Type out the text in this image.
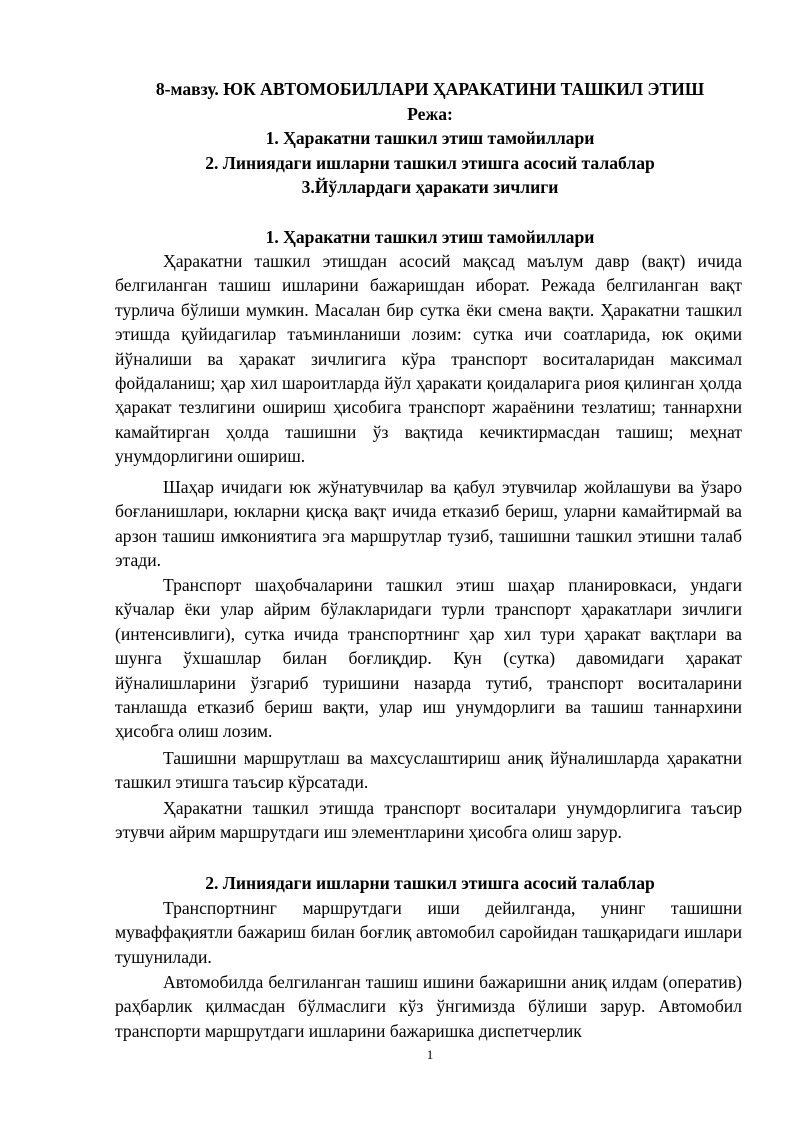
8-мавзу. ЮК АВТОМОБИЛЛАРИ ҲАРАКАТИНИ ТАШКИЛ ЭТИШ
Режа:
1. Ҳаракатни ташкил этиш тамойиллари
2. Линиядаги ишларни ташкил этишга асосий талаблар
3.Йўллардаги ҳаракати зичлиги
1. Ҳаракатни ташкил этиш тамойиллари

Ҳаракатни ташкил этишдан асосий мақсад маълум давр (вақт) ичида белгиланган ташиш ишларини бажаришдан иборат. Режада белгиланган вақт турлича бўлиши мумкин. Масалан бир сутка ёки смена вақти. Ҳаракатни ташкил этишда қуйидагилар таъминланиши лозим: сутка ичи соатларида, юк оқими йўналиши ва ҳаракат зичлигига кўра транспорт воситаларидан максимал фойдаланиш; ҳар хил шароитларда йўл ҳаракати қоидаларига риоя қилинган ҳолда ҳаракат тезлигини ошириш ҳисобига транспорт жараёнини тезлатиш; таннархни камайтирган ҳолда ташишни ўз вақтида кечиктирмасдан ташиш; меҳнат унумдорлигини ошириш.

Шаҳар ичидаги юк жўнатувчилар ва қабул этувчилар жойлашуви ва ўзаро боғланишлари, юкларни қисқа вақт ичида етказиб бериш, уларни камайтирмай ва арзон ташиш имкониятига эга маршрутлар тузиб, ташишни ташкил этишни талаб этади.

Транспорт шаҳобчаларини ташкил этиш шаҳар планировкаси, ундаги кўчалар ёки улар айрим бўлакларидаги турли транспорт ҳаракатлари зичлиги (интенсивлиги), сутка ичида транспортнинг ҳар хил тури ҳаракат вақтлари ва шунга ўхшашлар билан боғлиқдир. Кун (сутка) давомидаги ҳаракат йўналишларини ўзгариб туришини назарда тутиб, транспорт воситаларини танлашда етказиб бериш вақти, улар иш унумдорлиги ва ташиш таннархини ҳисобга олиш лозим.

Ташишни маршрутлаш ва махсуслаштириш аниқ йўналишларда ҳаракатни ташкил этишга таъсир кўрсатади.

Ҳаракатни ташкил этишда транспорт воситалари унумдорлигига таъсир этувчи айрим маршрутдаги иш элементларини ҳисобга олиш зарур.

2. Линиядаги ишларни ташкил этишга асосий талаблар

Транспортнинг маршрутдаги иши дейилганда, унинг ташишни муваффақиятли бажариш билан боғлиқ автомобил саройидан ташқаридаги ишлари тушунилади.

Автомобилда белгиланган ташиш ишини бажаришни аниқ илдам (оператив) раҳбарлик қилмасдан бўлмаслиги кўз ўнгимизда бўлиши зарур. Автомобил транспорти маршрутдаги ишларини бажаришка диспетчерлик

1
